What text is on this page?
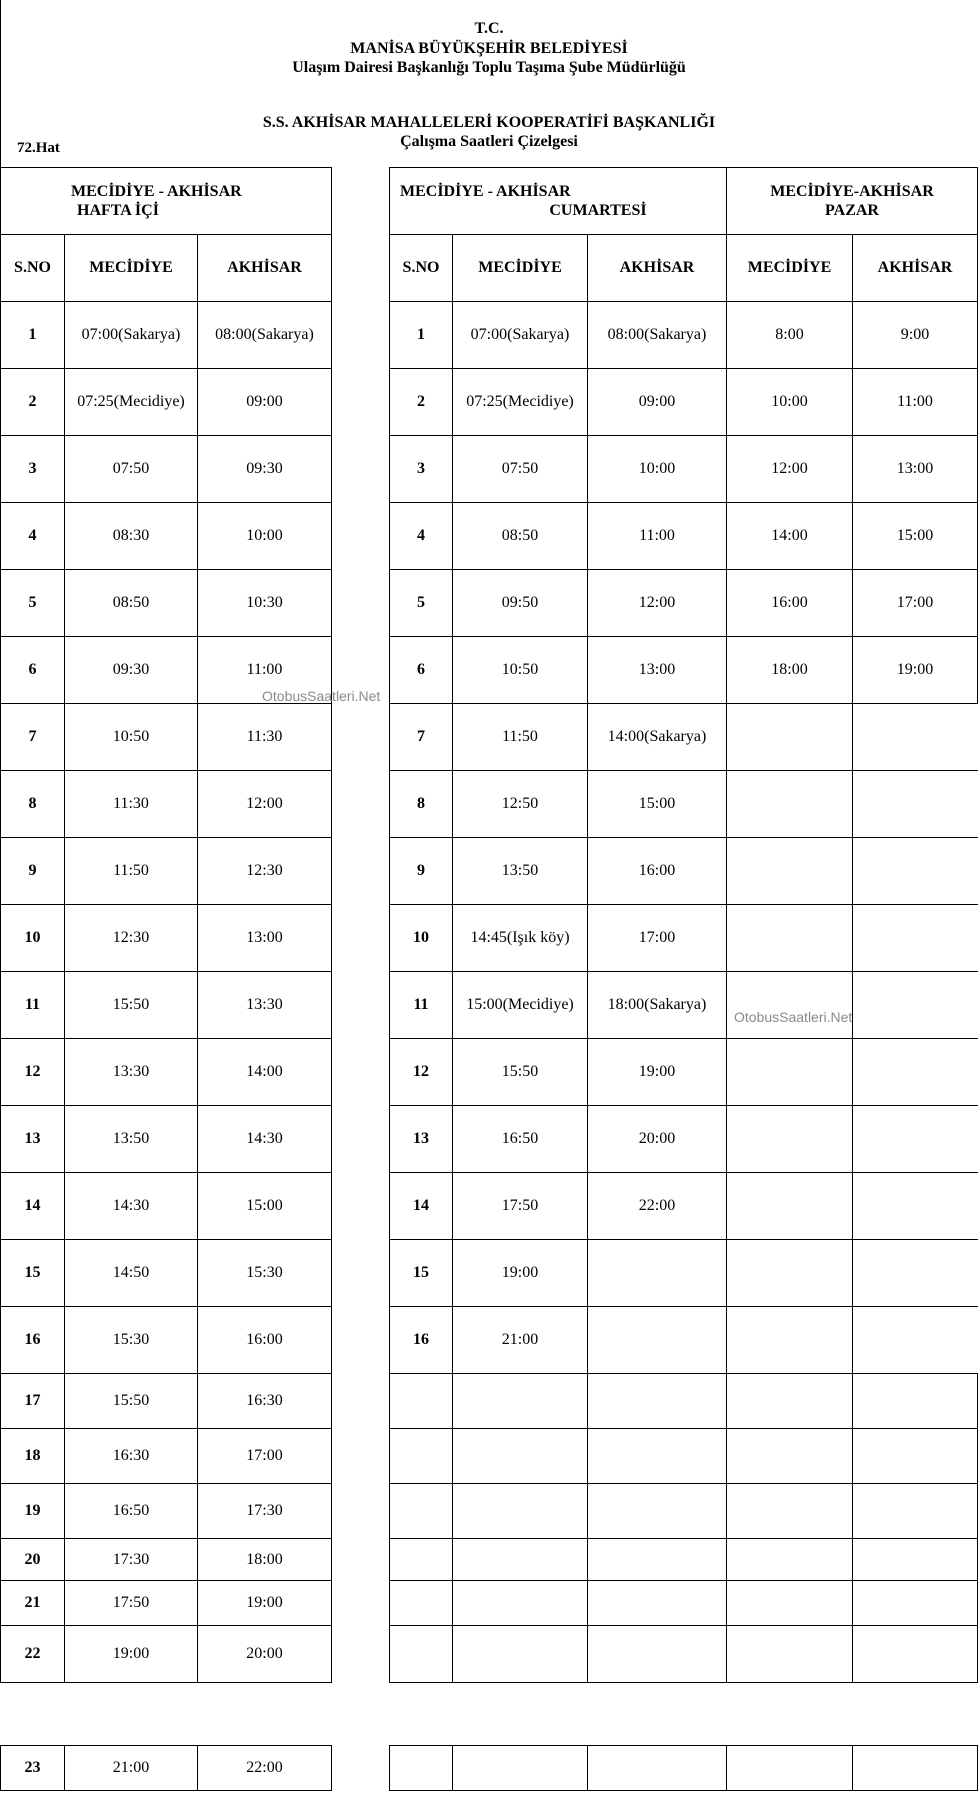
T.C.
MANİSA BÜYÜKŞEHİR BELEDİYESİ
Ulaşım Dairesi Başkanlığı Toplu Taşıma Şube Müdürlüğü
S.S. AKHİSAR MAHALLELERİ KOOPERATİFİ BAŞKANLIĞI
Çalışma Saatleri Çizelgesi
72.Hat
MECİDİYE - AKHİSAR
HAFTA İÇİ		

S.NO	MECİDİYE	AKHİSAR
1	07:00(Sakarya)	08:00(Sakarya)
2	07:25(Mecidiye)	09:00
3	07:50	09:30
4	08:30	10:00
5	08:50	10:30
6	09:30	11:00
7	10:50	11:30
8	11:30	12:00
9	11:50	12:30
10	12:30	13:00
11	15:50	13:30
12	13:30	14:00
13	13:50	14:30
14	14:30	15:00
15	14:50	15:30
16	15:30	16:00
17	15:50	16:30
18	16:30	17:00
19	16:50	17:30
20	17:30	18:00
21	17:50	19:00
22	19:00	20:00

23	21:00	22:00
MECİDİYE - AKHİSAR
CUMARTESİ			MECİDİYE-AKHİSAR
PAZAR	

S.NO	MECİDİYE	AKHİSAR	MECİDİYE	AKHİSAR
1	07:00(Sakarya)	08:00(Sakarya)	8:00	9:00
2	07:25(Mecidiye)	09:00	10:00	11:00
3	07:50	10:00	12:00	13:00
4	08:50	11:00	14:00	15:00
5	09:50	12:00	16:00	17:00
6	10:50	13:00	18:00	19:00
7	11:50	14:00(Sakarya)		
8	12:50	15:00		
9	13:50	16:00		
10	14:45(Işık köy)	17:00		
11	15:00(Mecidiye)	18:00(Sakarya)		
12	15:50	19:00		
13	16:50	20:00		
14	17:50	22:00		
15	19:00			
16	21:00			

OtobusSaatleri.Net
OtobusSaatleri.Net
